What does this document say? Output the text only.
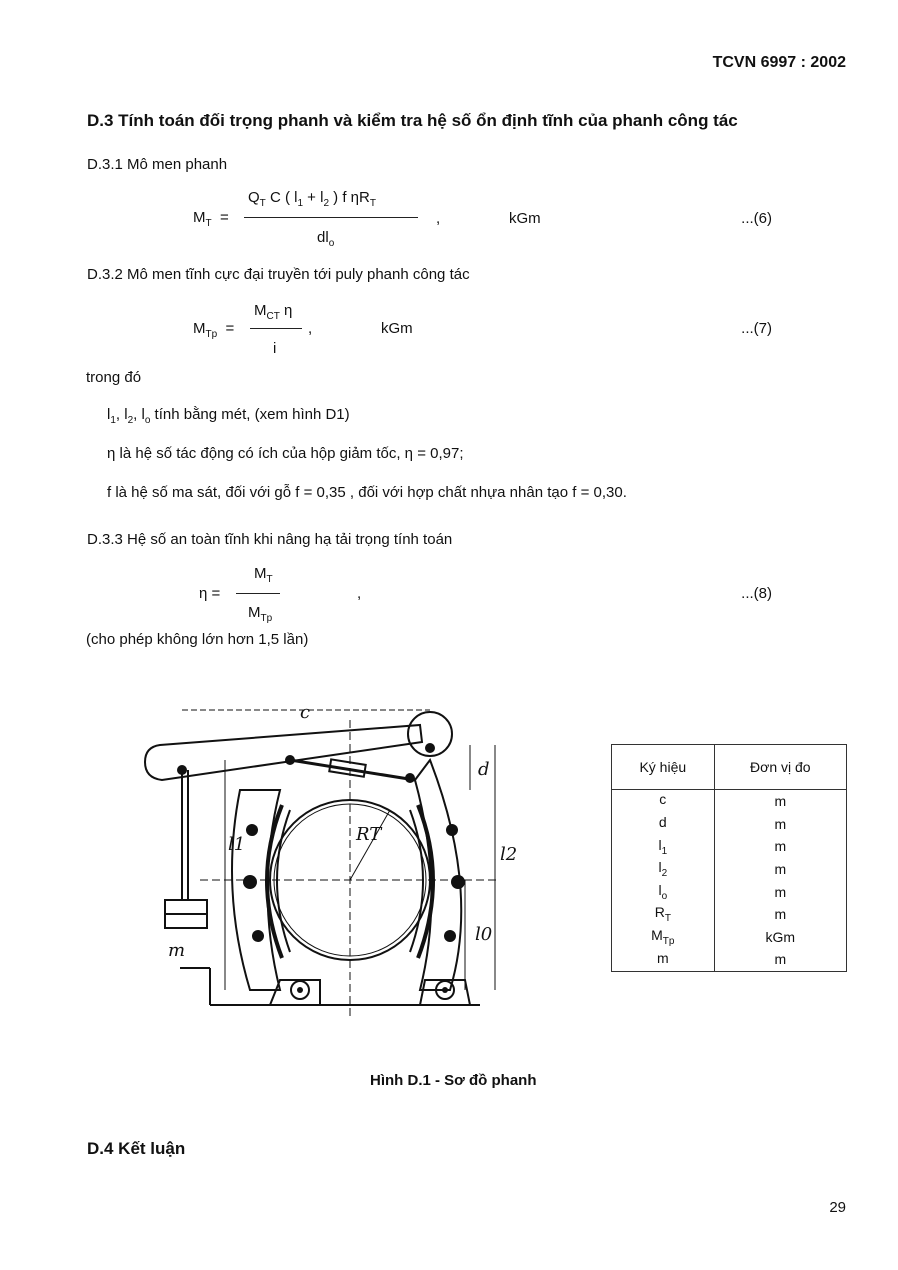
TCVN 6997 : 2002
D.3 Tính toán đối trọng phanh và kiểm tra hệ số ổn định tĩnh của phanh công tác
D.3.1 Mô men phanh
$M_T$ =
$Q_T$ C ( $l_1 + l_2$ ) f $\eta R_T$
$dl_o$
,	kGm	...(6)
D.3.2 Mô men tĩnh cực đại truyền tới puly phanh công tác
$M_{Tp}$ =
$M_{CT}$ η
i
,	kGm	...(7)
trong đó
$l_1$, $l_2$, $l_o$ tính bằng mét, (xem hình D1)
η là hệ số tác động có ích của hộp giảm tốc, η = 0,97;
f là hệ số ma sát, đối với gỗ f = 0,35 , đối với hợp chất nhựa nhân tạo f = 0,30.
D.3.3 Hệ số an toàn tĩnh khi nâng hạ tải trọng tính toán
η =
$M_T$
$M_{Tp}$
,	...(8)
(cho phép không lớn hơn 1,5 lần)
c
d
l1	l2
l0
RT
m
Ký hiệu	Đơn vị đo
c	m
d	m
$l_1$	m
$l_2$	m
$l_o$	m
$R_T$	m
$M_{Tp}$	kGm
m	m
Hình D.1 - Sơ đồ phanh
D.4 Kết luận
29
